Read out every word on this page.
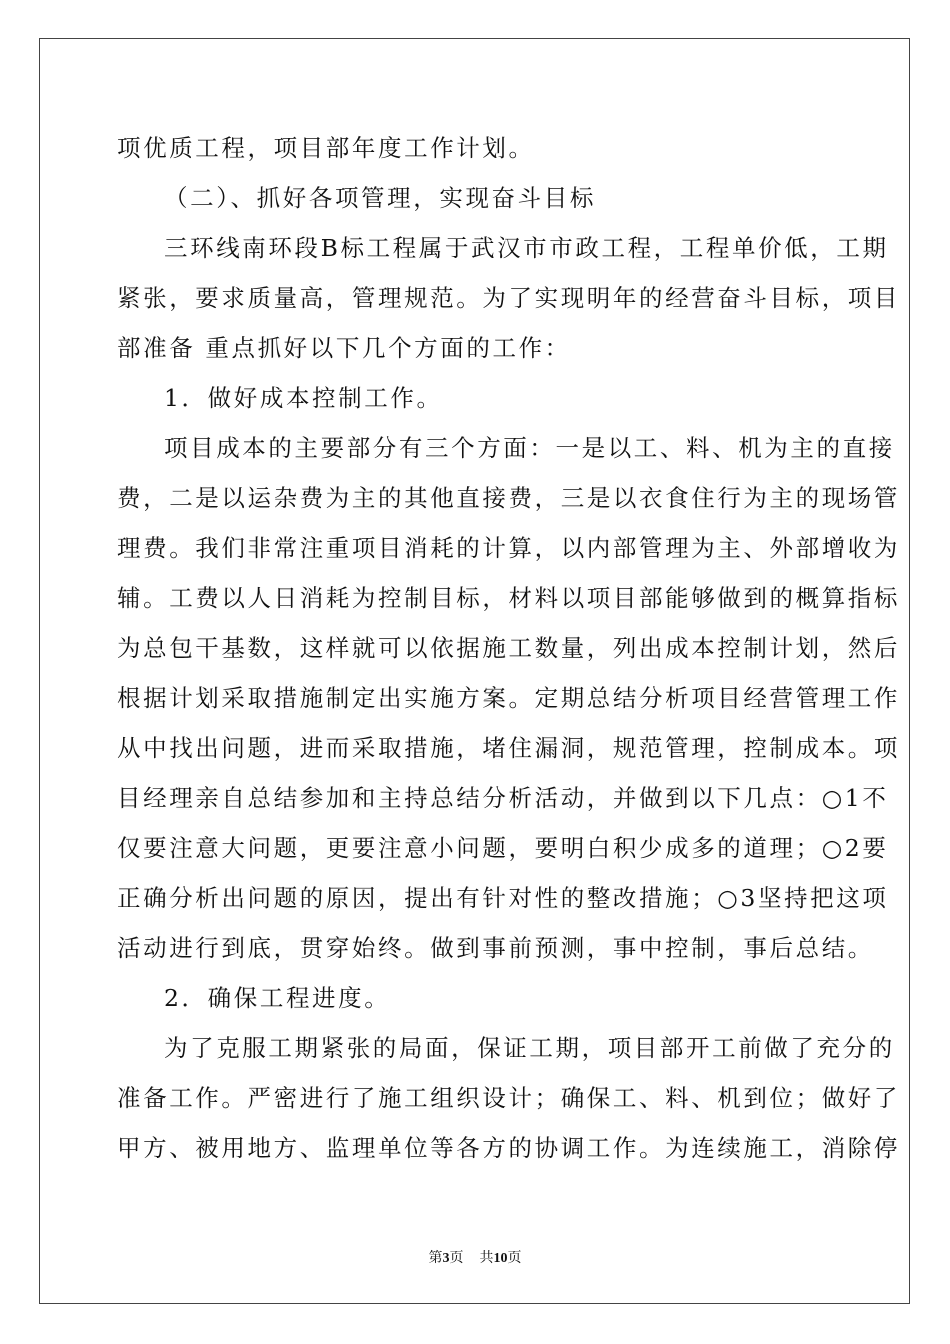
项优质工程，项目部年度工作计划。
（二）、抓好各项管理，实现奋斗目标
三环线南环段B标工程属于武汉市市政工程，工程单价低，工期
紧张，要求质量高，管理规范。为了实现明年的经营奋斗目标，项目
部准备 重点抓好以下几个方面的工作：
1．做好成本控制工作。
项目成本的主要部分有三个方面：一是以工、料、机为主的直接
费，二是以运杂费为主的其他直接费，三是以衣食住行为主的现场管
理费。我们非常注重项目消耗的计算，以内部管理为主、外部增收为
辅。工费以人日消耗为控制目标，材料以项目部能够做到的概算指标
为总包干基数，这样就可以依据施工数量，列出成本控制计划，然后
根据计划采取措施制定出实施方案。定期总结分析项目经营管理工作
从中找出问题，进而采取措施，堵住漏洞，规范管理，控制成本。项
目经理亲自总结参加和主持总结分析活动，并做到以下几点：○1不
仅要注意大问题，更要注意小问题，要明白积少成多的道理；○2要
正确分析出问题的原因，提出有针对性的整改措施；○3坚持把这项
活动进行到底，贯穿始终。做到事前预测，事中控制，事后总结。
2．确保工程进度。
为了克服工期紧张的局面，保证工期，项目部开工前做了充分的
准备工作。严密进行了施工组织设计；确保工、料、机到位；做好了
甲方、被用地方、监理单位等各方的协调工作。为连续施工，消除停
第3页 共10页
